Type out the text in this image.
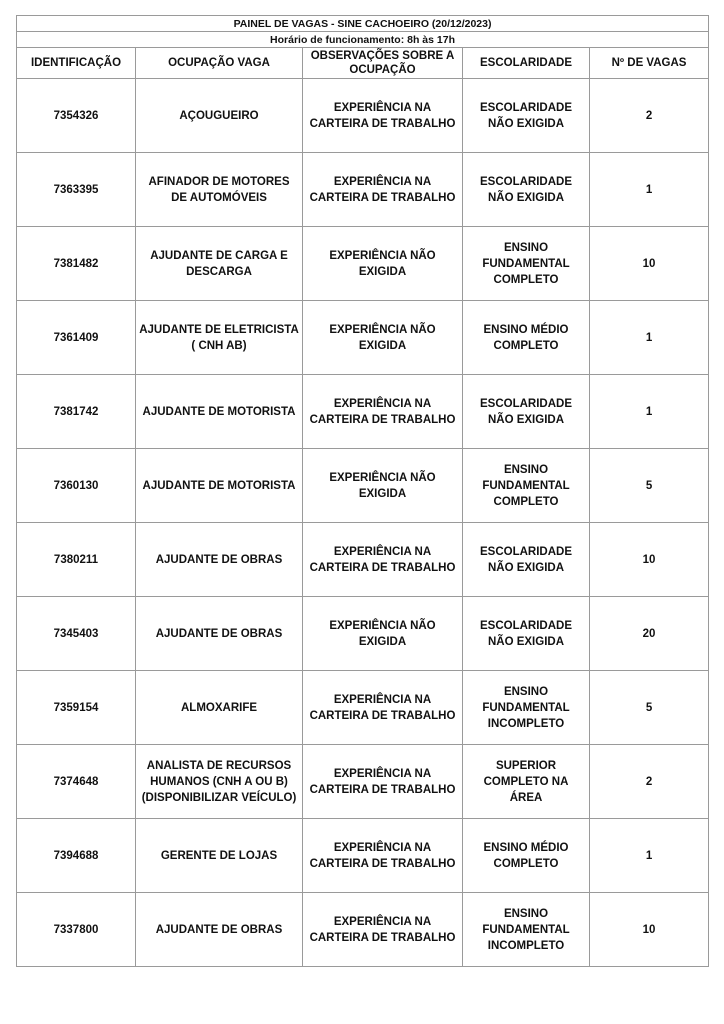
PAINEL DE VAGAS - SINE CACHOEIRO (20/12/2023)				
Horário de funcionamento: 8h às 17h				
IDENTIFICAÇÃO	OCUPAÇÃO VAGA	OBSERVAÇÕES SOBRE A OCUPAÇÃO	ESCOLARIDADE	Nº DE VAGAS
7354326	AÇOUGUEIRO	EXPERIÊNCIA NA CARTEIRA DE TRABALHO	ESCOLARIDADE NÃO EXIGIDA	2
7363395	AFINADOR DE MOTORES DE AUTOMÓVEIS	EXPERIÊNCIA NA CARTEIRA DE TRABALHO	ESCOLARIDADE NÃO EXIGIDA	1
7381482	AJUDANTE DE CARGA E DESCARGA	EXPERIÊNCIA NÃO EXIGIDA	ENSINO FUNDAMENTAL COMPLETO	10
7361409	AJUDANTE DE ELETRICISTA ( CNH AB)	EXPERIÊNCIA NÃO EXIGIDA	ENSINO MÉDIO COMPLETO	1
7381742	AJUDANTE DE MOTORISTA	EXPERIÊNCIA NA CARTEIRA DE TRABALHO	ESCOLARIDADE NÃO EXIGIDA	1
7360130	AJUDANTE DE MOTORISTA	EXPERIÊNCIA NÃO EXIGIDA	ENSINO FUNDAMENTAL COMPLETO	5
7380211	AJUDANTE DE OBRAS	EXPERIÊNCIA NA CARTEIRA DE TRABALHO	ESCOLARIDADE NÃO EXIGIDA	10
7345403	AJUDANTE DE OBRAS	EXPERIÊNCIA NÃO EXIGIDA	ESCOLARIDADE NÃO EXIGIDA	20
7359154	ALMOXARIFE	EXPERIÊNCIA NA CARTEIRA DE TRABALHO	ENSINO FUNDAMENTAL INCOMPLETO	5
7374648	ANALISTA DE RECURSOS HUMANOS (CNH A OU B) (DISPONIBILIZAR VEÍCULO)	EXPERIÊNCIA NA CARTEIRA DE TRABALHO	SUPERIOR COMPLETO NA ÁREA	2
7394688	GERENTE DE LOJAS	EXPERIÊNCIA NA CARTEIRA DE TRABALHO	ENSINO MÉDIO COMPLETO	1
7337800	AJUDANTE DE OBRAS	EXPERIÊNCIA NA CARTEIRA DE TRABALHO	ENSINO FUNDAMENTAL INCOMPLETO	10
